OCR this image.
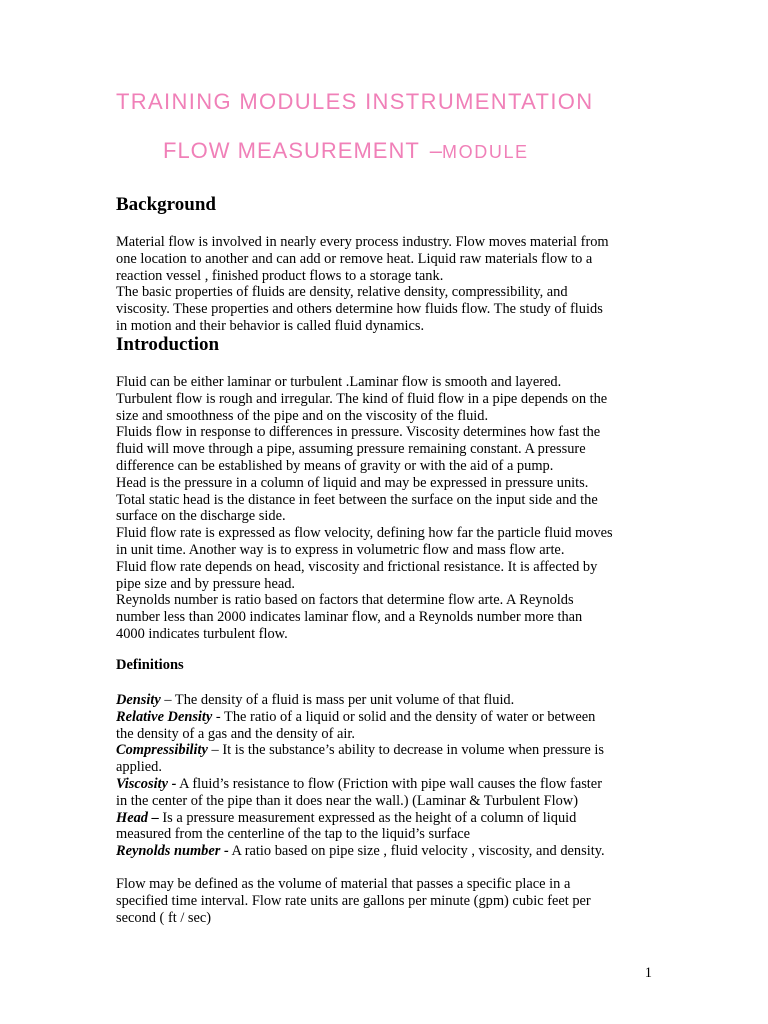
TRAINING MODULES INSTRUMENTATION
FLOW MEASUREMENT –MODULE
Background
Material flow is involved in nearly every process industry. Flow moves material from
one location to another and can add or remove heat. Liquid raw materials flow to a
reaction vessel , finished product flows to a storage tank.
The basic properties of fluids are density, relative density, compressibility, and
viscosity. These properties and others determine how fluids flow. The study of fluids
in motion and their behavior is called fluid dynamics.
Introduction
Fluid can be either laminar or turbulent .Laminar flow is smooth and layered.
Turbulent flow is rough and irregular. The kind of fluid flow in a pipe depends on the
size and smoothness of the pipe and on the viscosity of the fluid.
Fluids flow in response to differences in pressure. Viscosity determines how fast the
fluid will move through a pipe, assuming pressure remaining constant. A pressure
difference can be established by means of gravity or with the aid of a pump.
Head is the pressure in a column of liquid and may be expressed in pressure units.
Total static head is the distance in feet between the surface on the input side and the
surface on the discharge side.
Fluid flow rate is expressed as flow velocity, defining how far the particle fluid moves
in unit time. Another way is to express in volumetric flow and mass flow arte.
Fluid flow rate depends on head, viscosity and frictional resistance. It is affected by
pipe size and by pressure head.
Reynolds number is ratio based on factors that determine flow arte. A Reynolds
number less than 2000 indicates laminar flow, and a Reynolds number more than
4000 indicates turbulent flow.
Definitions
Density – The density of a fluid is mass per unit volume of that fluid.
Relative Density - The ratio of a liquid or solid and the density of water or between
the density of a gas and the density of air.
Compressibility – It is the substance’s ability to decrease in volume when pressure is
applied.
Viscosity - A fluid’s resistance to flow (Friction with pipe wall causes the flow faster
in the center of the pipe than it does near the wall.) (Laminar & Turbulent Flow)
Head – Is a pressure measurement expressed as the height of a column of liquid
measured from the centerline of the tap to the liquid’s surface
Reynolds number - A ratio based on pipe size , fluid velocity , viscosity, and density.
Flow may be defined as the volume of material that passes a specific place in a
specified time interval. Flow rate units are gallons per minute (gpm) cubic feet per
second ( ft / sec)
1
